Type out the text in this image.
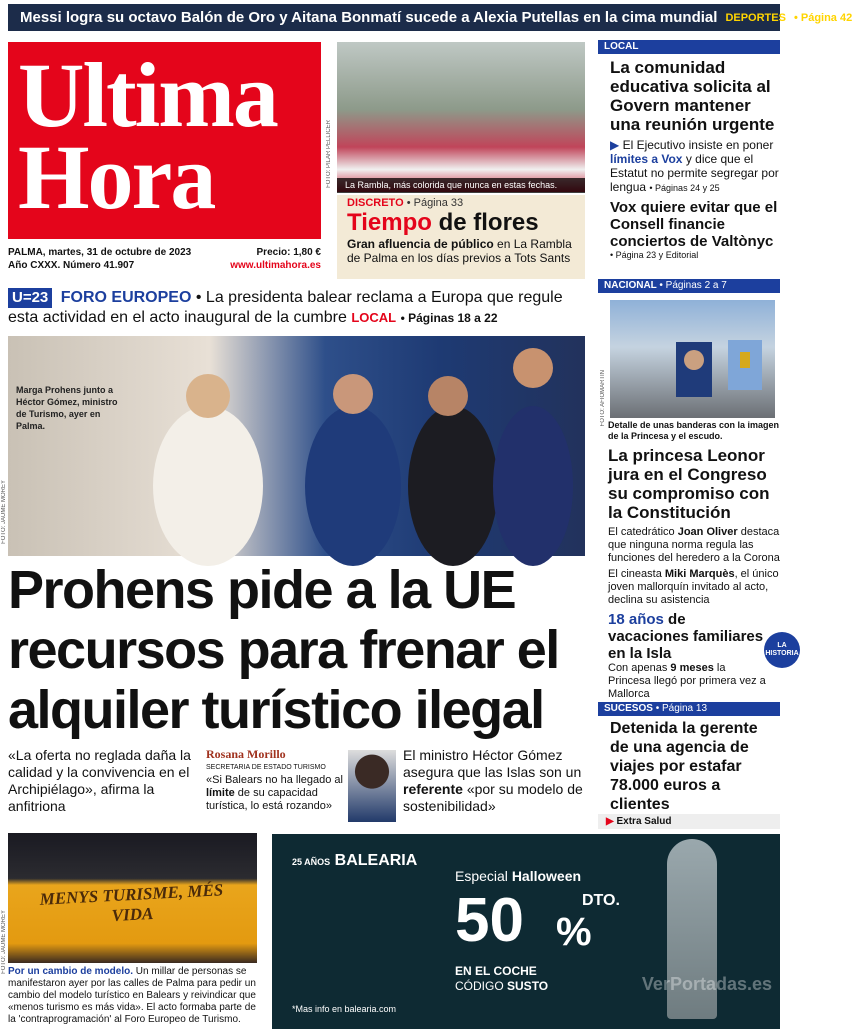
Messi logra su octavo Balón de Oro y Aitana Bonmatí sucede a Alexia Putellas en la cima mundial DEPORTES • Página 42
Ultima
Hora
PALMA, martes, 31 de octubre de 2023
Año CXXX. Número 41.907
Precio: 1,80 €
www.ultimahora.es
FOTO: PILAR PELLICER	La Rambla, más colorida que nunca en estas fechas.
DISCRETO • Página 33
Tiempo de flores
Gran afluencia de público en La Rambla de Palma en los días previos a Tots Sants
U=23 FORO EUROPEO • La presidenta balear reclama a Europa que regule esta actividad en el acto inaugural de la cumbre LOCAL • Páginas 18 a 22
Marga Prohens junto a Héctor Gómez, ministro de Turismo, ayer en Palma.
FOTO: JAUME MOREY
Prohens pide a la UE recursos para frenar el alquiler turístico ilegal
«La oferta no reglada daña la calidad y la convivencia en el Archipiélago», afirma la anfitriona
Rosana Morillo
SECRETARIA DE ESTADO TURISMO
«Si Balears no ha llegado al límite de su capacidad turística, lo está rozando»
El ministro Héctor Gómez asegura que las Islas son un referente «por su modelo de sostenibilidad»
MENYS TURISME, MÉS VIDA
FOTO: JAUME MOREY Por un cambio de modelo. Un millar de personas se manifestaron ayer por las calles de Palma para pedir un cambio del modelo turístico en Balears y reivindicar que «menos turismo es más vida». El acto formaba parte de la 'contraprogramación' al Foro Europeo de Turismo.
25 AÑOS BALEARIA
Especial Halloween
50 %
DTO.
EN EL COCHE
CÓDIGO SUSTO
*Mas info en balearia.com
VerPortadas.es
LOCAL
La comunidad educativa solicita al Govern mantener una reunión urgente
▶ El Ejecutivo insiste en poner límites a Vox y dice que el Estatut no permite segregar por lengua • Páginas 24 y 25
Vox quiere evitar que el Consell financie conciertos de Valtònyc
• Página 23 y Editorial
NACIONAL • Páginas 2 a 7
FOTO: AFIOMARTIN Detalle de unas banderas con la imagen de la Princesa y el escudo.
La princesa Leonor jura en el Congreso su compromiso con la Constitución
El catedrático Joan Oliver destaca que ninguna norma regula las funciones del heredero a la Corona
El cineasta Miki Marquès, el único joven mallorquín invitado al acto, declina su asistencia
18 años de vacaciones familiares en la Isla
Con apenas 9 meses la Princesa llegó por primera vez a Mallorca
LA HISTORIA
SUCESOS • Página 13
Detenida la gerente de una agencia de viajes por estafar 78.000 euros a clientes
▶ Extra Salud
